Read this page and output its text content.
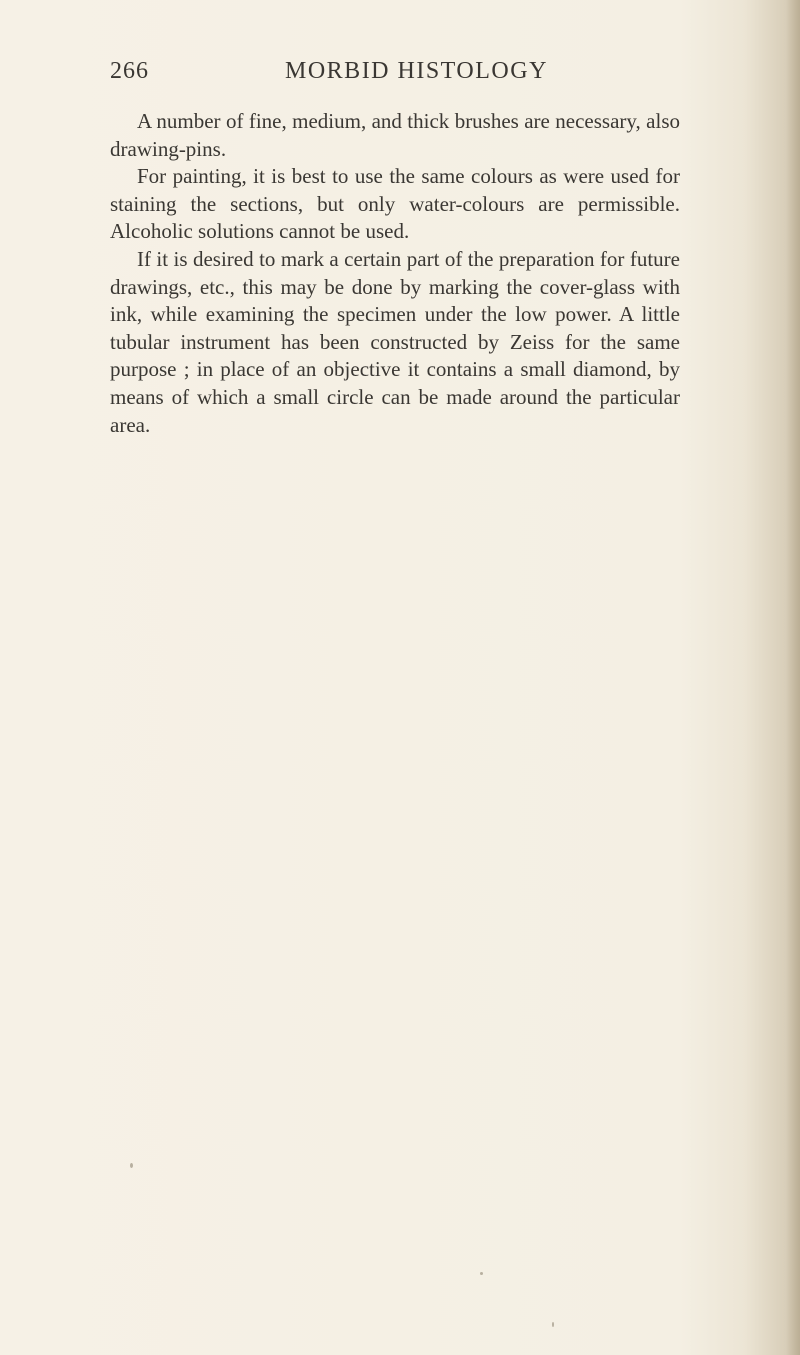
266	MORBID HISTOLOGY

A number of fine, medium, and thick brushes are necessary, also drawing-pins.

For painting, it is best to use the same colours as were used for staining the sections, but only water-colours are permissible. Alcoholic solutions cannot be used.

If it is desired to mark a certain part of the preparation for future drawings, etc., this may be done by marking the cover-glass with ink, while examining the specimen under the low power. A little tubular instrument has been constructed by Zeiss for the same purpose ; in place of an objective it contains a small diamond, by means of which a small circle can be made around the particular area.
